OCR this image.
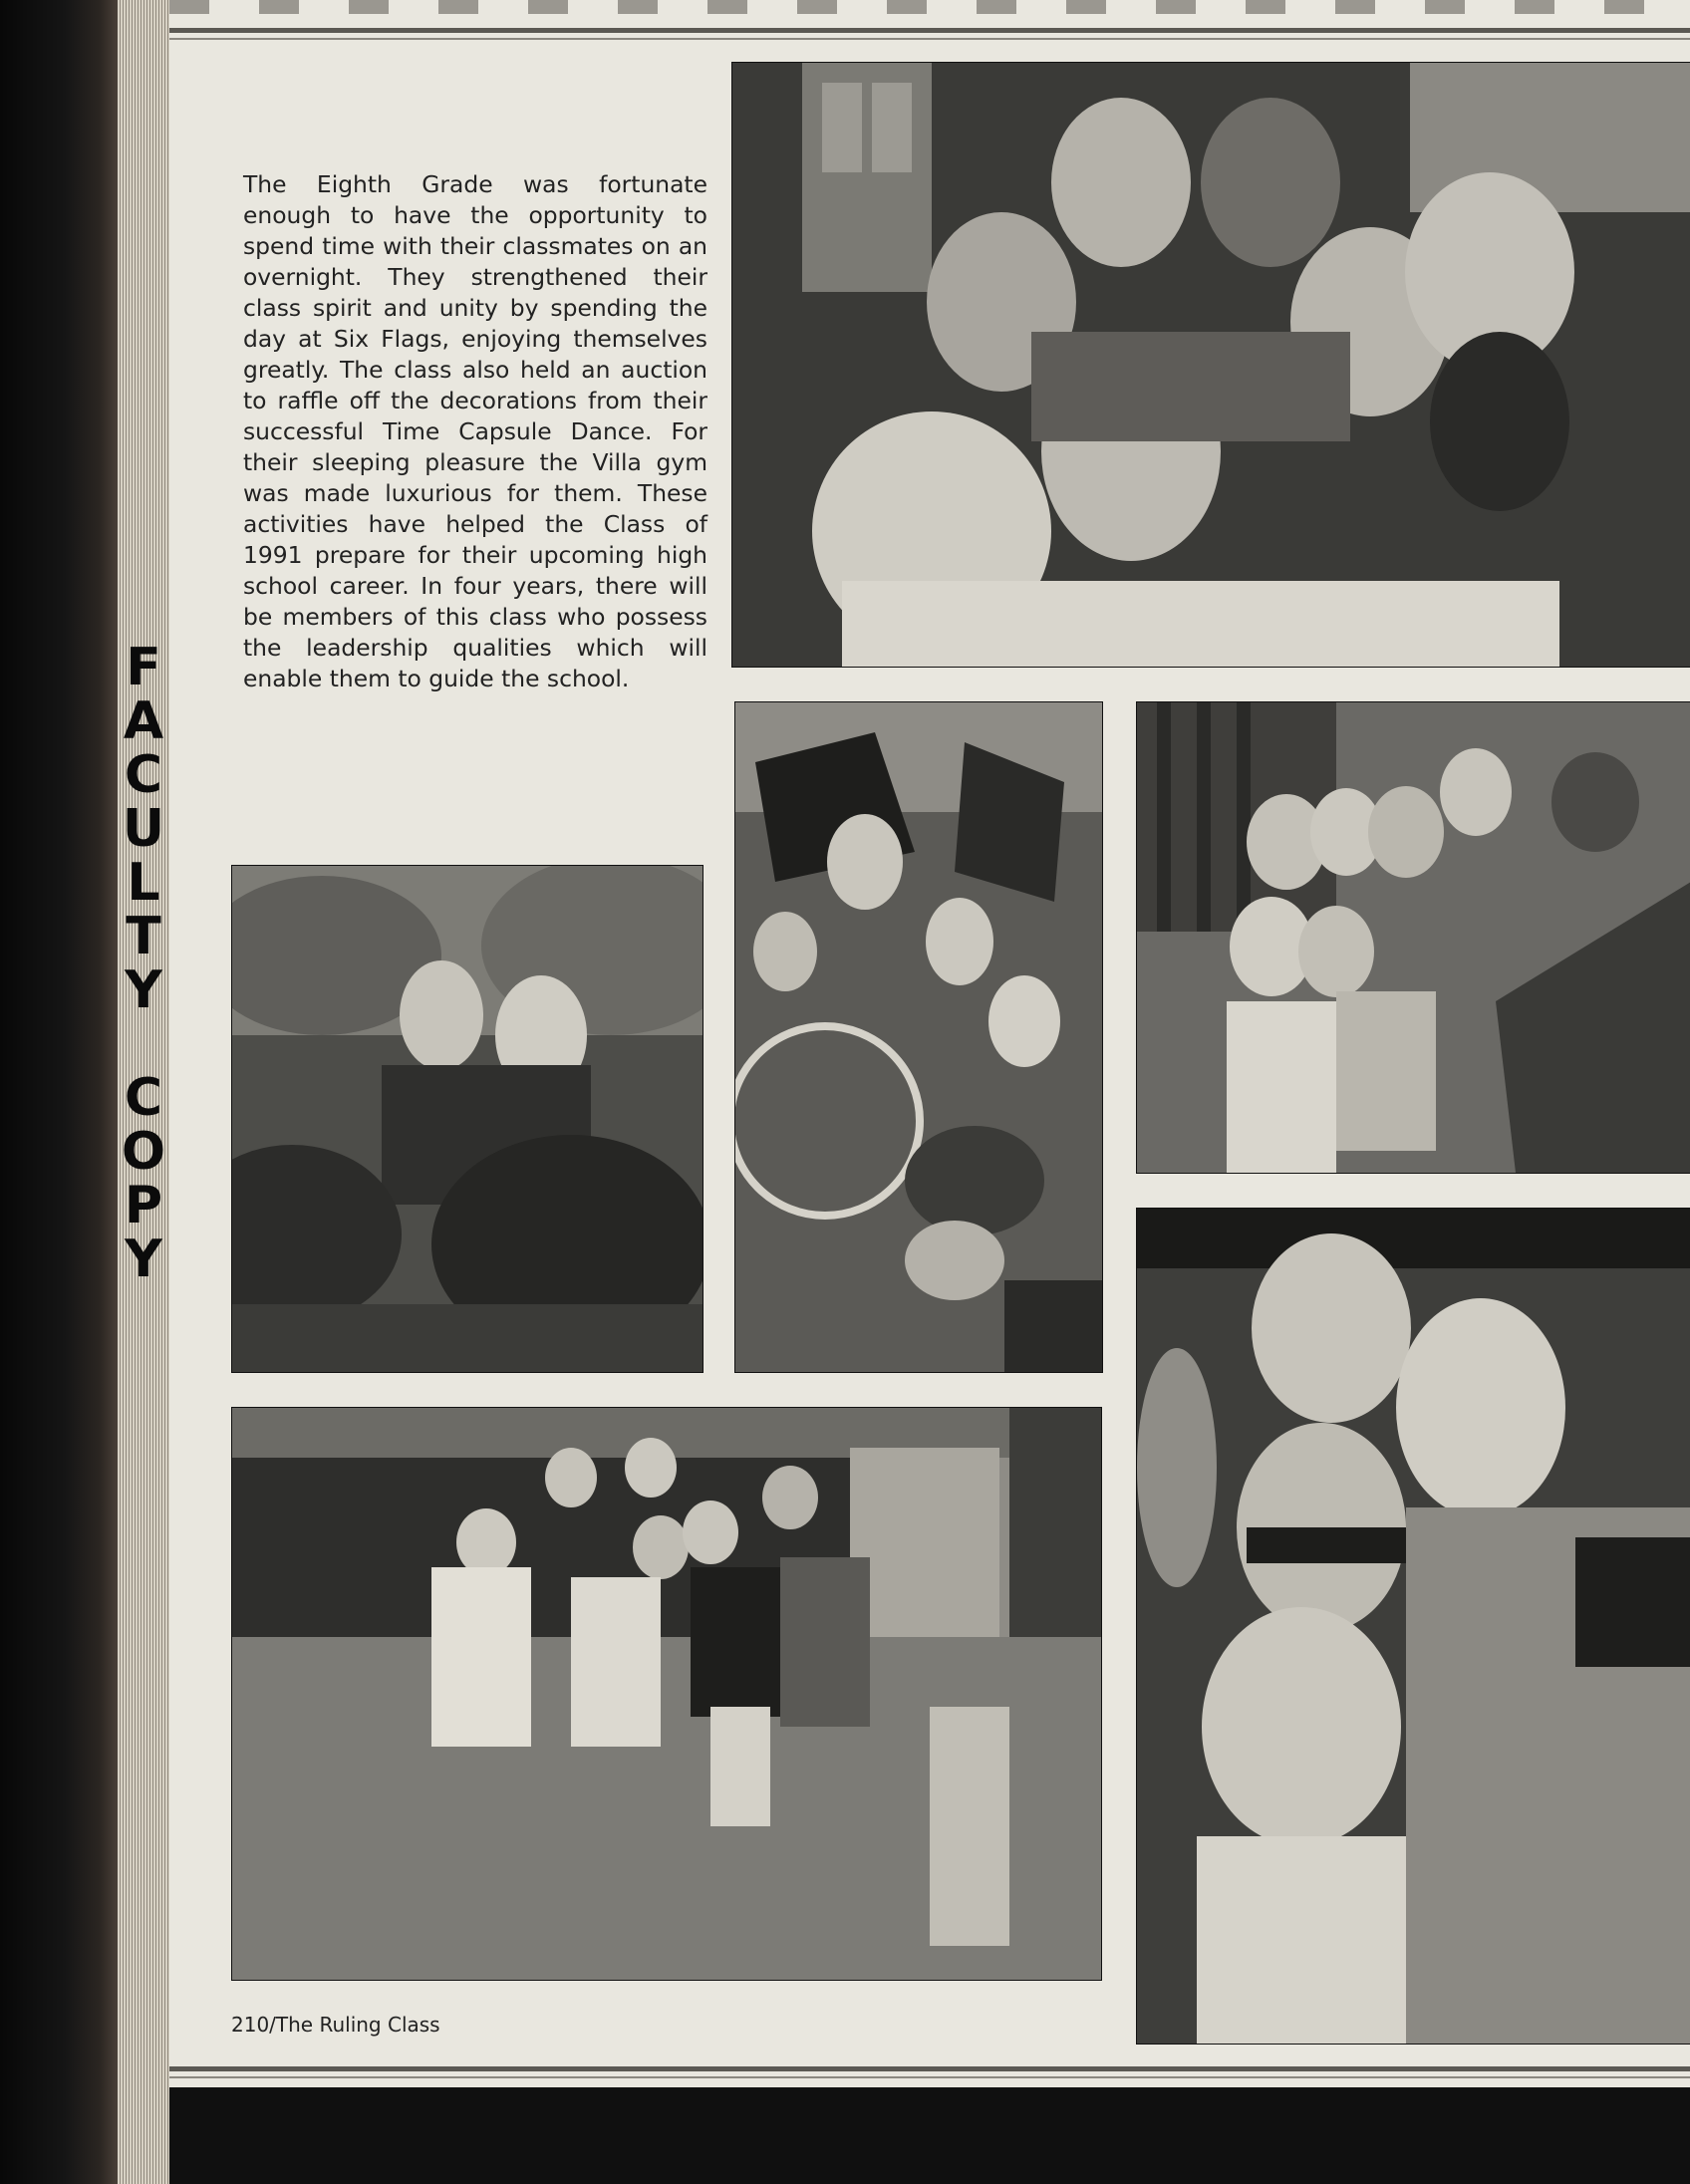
FACULTY COPY
The Eighth Grade was fortunate enough to have the opportunity to spend time with their classmates on an overnight. They strengthened their class spirit and unity by spending the day at Six Flags, enjoying themselves greatly. The class also held an auction to raffle off the decorations from their successful Time Capsule Dance. For their sleeping pleasure the Villa gym was made luxurious for them. These activities have helped the Class of 1991 prepare for their upcoming high school career. In four years, there will be members of this class who possess the leadership qualities which will enable them to guide the school.
210/The Ruling Class
